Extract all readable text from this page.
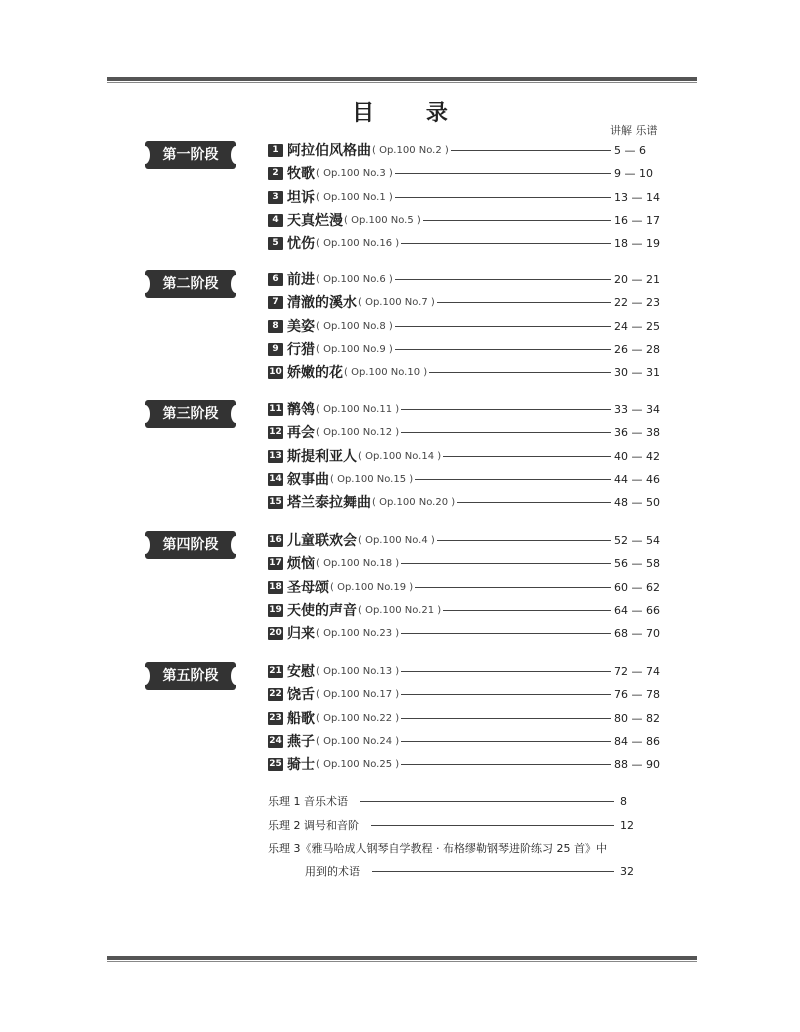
目 录
讲解 乐谱
第一阶段	1 阿拉伯风格曲 ( Op.100 No.2 )	5 — 6
2 牧歌 ( Op.100 No.3 )	9 — 10
3 坦诉 ( Op.100 No.1 )	13 — 14
4 天真烂漫 ( Op.100 No.5 )	16 — 17
5 忧伤 ( Op.100 No.16 )	18 — 19
第二阶段	6 前进 ( Op.100 No.6 )	20 — 21
7 清澈的溪水 ( Op.100 No.7 )	22 — 23
8 美姿 ( Op.100 No.8 )	24 — 25
9 行猎 ( Op.100 No.9 )	26 — 28
10 娇嫩的花 ( Op.100 No.10 )	30 — 31
第三阶段	11 鹡鸰 ( Op.100 No.11 )	33 — 34
12 再会 ( Op.100 No.12 )	36 — 38
13 斯提利亚人 ( Op.100 No.14 )	40 — 42
14 叙事曲 ( Op.100 No.15 )	44 — 46
15 塔兰泰拉舞曲 ( Op.100 No.20 )	48 — 50
第四阶段	16 儿童联欢会 ( Op.100 No.4 )	52 — 54
17 烦恼 ( Op.100 No.18 )	56 — 58
18 圣母颂 ( Op.100 No.19 )	60 — 62
19 天使的声音 ( Op.100 No.21 )	64 — 66
20 归来 ( Op.100 No.23 )	68 — 70
第五阶段	21 安慰 ( Op.100 No.13 )	72 — 74
22 饶舌 ( Op.100 No.17 )	76 — 78
23 船歌 ( Op.100 No.22 )	80 — 82
24 燕子 ( Op.100 No.24 )	84 — 86
25 骑士 ( Op.100 No.25 )	88 — 90
乐理 1 音乐术语	8
乐理 2 调号和音阶	12
乐理 3《雅马哈成人钢琴自学教程 · 布格缪勒钢琴进阶练习 25 首》中
用到的术语	32
